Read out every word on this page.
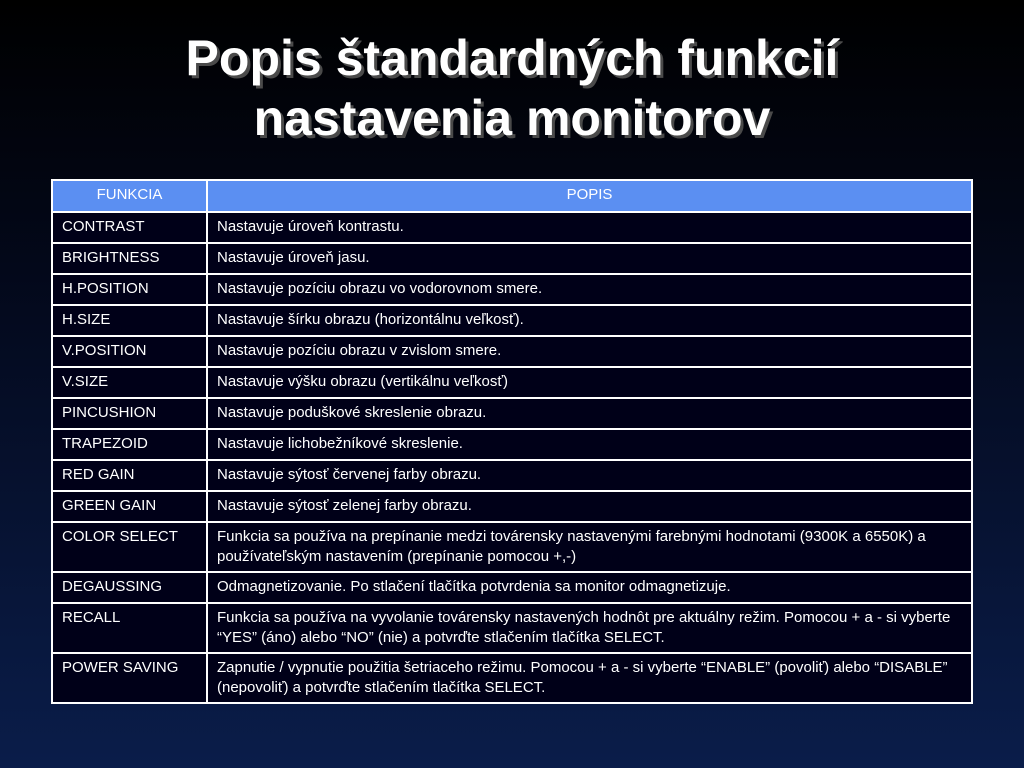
Popis štandardných funkcií
nastavenia monitorov
FUNKCIA	POPIS
CONTRAST	Nastavuje úroveň kontrastu.
BRIGHTNESS	Nastavuje úroveň jasu.
H.POSITION	Nastavuje pozíciu obrazu vo vodorovnom smere.
H.SIZE	Nastavuje šírku obrazu (horizontálnu veľkosť).
V.POSITION	Nastavuje pozíciu obrazu v zvislom smere.
V.SIZE	Nastavuje výšku obrazu (vertikálnu veľkosť)
PINCUSHION	Nastavuje poduškové skreslenie obrazu.
TRAPEZOID	Nastavuje lichobežníkové skreslenie.
RED GAIN	Nastavuje sýtosť červenej farby obrazu.
GREEN GAIN	Nastavuje sýtosť zelenej farby obrazu.
COLOR SELECT	Funkcia sa používa na prepínanie medzi továrensky nastavenými farebnými hodnotami (9300K a 6550K) a používateľským nastavením (prepínanie pomocou +,-)
DEGAUSSING	Odmagnetizovanie. Po stlačení tlačítka potvrdenia sa monitor odmagnetizuje.
RECALL	Funkcia sa používa na vyvolanie továrensky nastavených hodnôt pre aktuálny režim. Pomocou + a - si vyberte “YES” (áno) alebo “NO” (nie) a potvrďte stlačením tlačítka SELECT.
POWER SAVING	Zapnutie / vypnutie použitia šetriaceho režimu. Pomocou + a - si vyberte “ENABLE” (povoliť) alebo “DISABLE” (nepovoliť) a potvrďte stlačením tlačítka SELECT.
